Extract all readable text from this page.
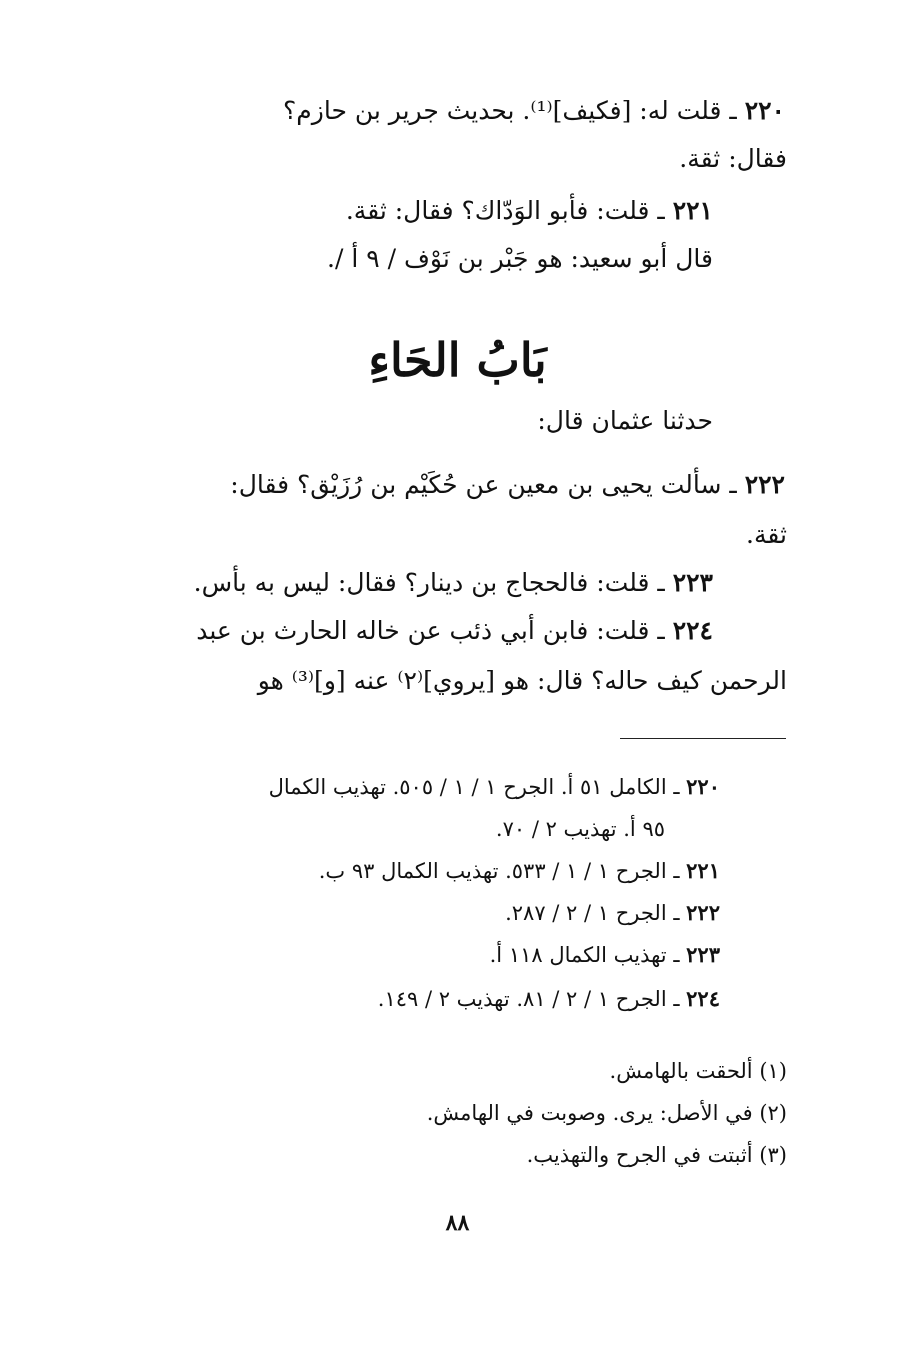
٢٢٠ ـ قلت له: [فكيف]⁽¹⁾. بحديث جرير بن حازم؟
فقال: ثقة.
٢٢١ ـ قلت: فأبو الوَدّاك؟ فقال: ثقة.
قال أبو سعيد: هو جَبْر بن نَوْف / ٩ أ /.
بَابُ الحَاءِ
حدثنا عثمان قال:
٢٢٢ ـ سألت يحيى بن معين عن حُكَيْم بن رُزَيْق؟ فقال:
ثقة.
٢٢٣ ـ قلت: فالحجاج بن دينار؟ فقال: ليس به بأس.
٢٢٤ ـ قلت: فابن أبي ذئب عن خاله الحارث بن عبد
الرحمن كيف حاله؟ قال: هو [يروي]⁽٢⁾ عنه [و]⁽³⁾ هو
٢٢٠ ـ الكامل ٥١ أ. الجرح ١ / ١ / ٥٠٥. تهذيب الكمال
٩٥ أ. تهذيب ٢ / ٧٠.
٢٢١ ـ الجرح ١ / ١ / ٥٣٣. تهذيب الكمال ٩٣ ب.
٢٢٢ ـ الجرح ١ / ٢ / ٢٨٧.
٢٢٣ ـ تهذيب الكمال ١١٨ أ.
٢٢٤ ـ الجرح ١ / ٢ / ٨١. تهذيب ٢ / ١٤٩.
(١) ألحقت بالهامش.
(٢) في الأصل: يرى. وصوبت في الهامش.
(٣) أثبتت في الجرح والتهذيب.
٨٨
